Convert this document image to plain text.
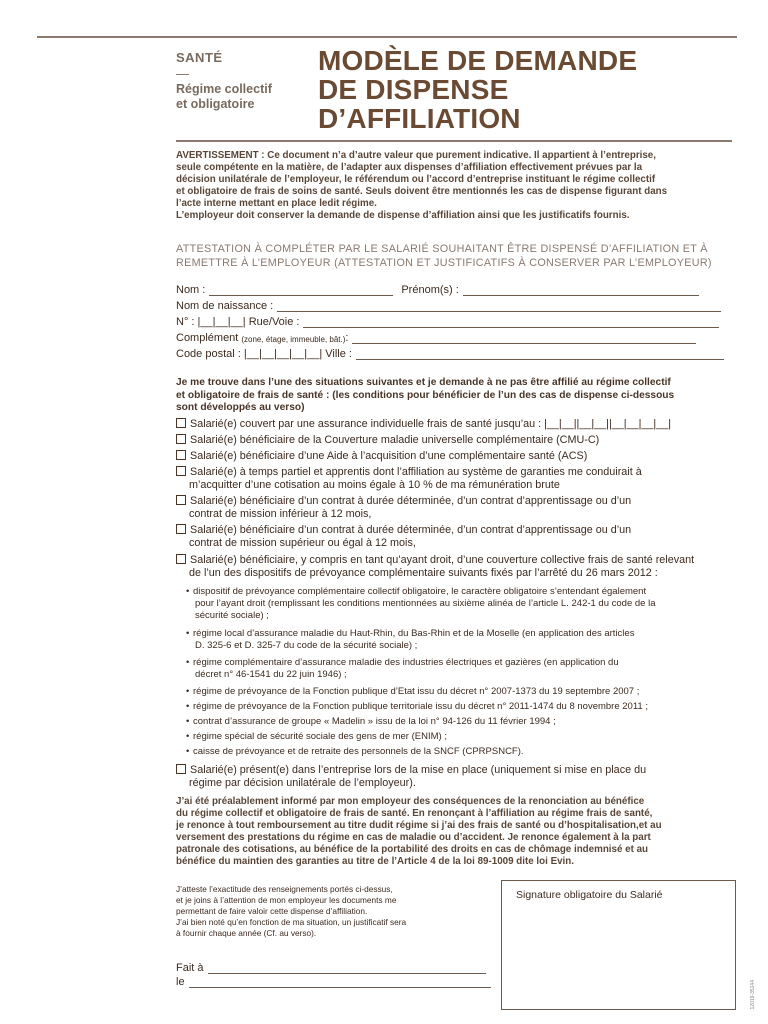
SANTÉ
—
Régime collectif
et obligatoire
MODÈLE DE DEMANDE
DE DISPENSE
D’AFFILIATION
AVERTISSEMENT : Ce document n’a d’autre valeur que purement indicative. Il appartient à l’entreprise,
seule compétente en la matière, de l’adapter aux dispenses d’affiliation effectivement prévues par la
décision unilatérale de l’employeur, le référendum ou l’accord d’entreprise instituant le régime collectif
et obligatoire de frais de soins de santé. Seuls doivent être mentionnés les cas de dispense figurant dans
l’acte interne mettant en place ledit régime.
L’employeur doit conserver la demande de dispense d’affiliation ainsi que les justificatifs fournis.
ATTESTATION À COMPLÉTER PAR LE SALARIÉ SOUHAITANT ÊTRE DISPENSÉ D’AFFILIATION ET À
REMETTRE À L’EMPLOYEUR (ATTESTATION ET JUSTIFICATIFS À CONSERVER PAR L’EMPLOYEUR)
Nom :	Prénom(s) :
Nom de naissance :
N° : |__|__|__| Rue/Voie :
Complément (zone, étage, immeuble, bât.) :
Code postal : |__|__|__|__|__| Ville :
Je me trouve dans l’une des situations suivantes et je demande à ne pas être affilié au régime collectif
et obligatoire de frais de santé : (les conditions pour bénéficier de l’un des cas de dispense ci-dessous
sont développés au verso)
Salarié(e) couvert par une assurance individuelle frais de santé jusqu’au : |__|__||__|__||__|__|__|__|
Salarié(e) bénéficiaire de la Couverture maladie universelle complémentaire (CMU-C)
Salarié(e) bénéficiaire d’une Aide à l’acquisition d’une complémentaire santé (ACS)
Salarié(e) à temps partiel et apprentis dont l’affiliation au système de garanties me conduirait à
m’acquitter d’une cotisation au moins égale à 10 % de ma rémunération brute
Salarié(e) bénéficiaire d’un contrat à durée déterminée, d’un contrat d’apprentissage ou d’un
contrat de mission inférieur à 12 mois,
Salarié(e) bénéficiaire d’un contrat à durée déterminée, d’un contrat d’apprentissage ou d’un
contrat de mission supérieur ou égal à 12 mois,
Salarié(e) bénéficiaire, y compris en tant qu’ayant droit, d’une couverture collective frais de santé relevant
de l’un des dispositifs de prévoyance complémentaire suivants fixés par l’arrêté du 26 mars 2012 :
• dispositif de prévoyance complémentaire collectif obligatoire, le caractère obligatoire s’entendant également
pour l’ayant droit (remplissant les conditions mentionnées au sixième alinéa de l’article L. 242-1 du code de la
sécurité sociale) ;
• régime local d’assurance maladie du Haut-Rhin, du Bas-Rhin et de la Moselle (en application des articles
D. 325-6 et D. 325-7 du code de la sécurité sociale) ;
• régime complémentaire d’assurance maladie des industries électriques et gazières (en application du
décret n° 46-1541 du 22 juin 1946) ;
• régime de prévoyance de la Fonction publique d’Etat issu du décret n° 2007-1373 du 19 septembre 2007 ;
• régime de prévoyance de la Fonction publique territoriale issu du décret n° 2011-1474 du 8 novembre 2011 ;
• contrat d’assurance de groupe « Madelin » issu de la loi n° 94-126 du 11 février 1994 ;
• régime spécial de sécurité sociale des gens de mer (ENIM) ;
• caisse de prévoyance et de retraite des personnels de la SNCF (CPRPSNCF).
Salarié(e) présent(e) dans l’entreprise lors de la mise en place (uniquement si mise en place du
régime par décision unilatérale de l’employeur).
J’ai été préalablement informé par mon employeur des conséquences de la renonciation au bénéfice
du régime collectif et obligatoire de frais de santé. En renonçant à l’affiliation au régime frais de santé,
je renonce à tout remboursement au titre dudit régime si j’ai des frais de santé ou d’hospitalisation,et au
versement des prestations du régime en cas de maladie ou d’accident. Je renonce également à la part
patronale des cotisations, au bénéfice de la portabilité des droits en cas de chômage indemnisé et au
bénéfice du maintien des garanties au titre de l’Article 4 de la loi 89-1009 dite loi Evin.
J’atteste l’exactitude des renseignements portés ci-dessus,
et je joins à l’attention de mon employeur les documents me
permettant de faire valoir cette dispense d’affiliation.
J’ai bien noté qu’en fonction de ma situation, un justificatif sera
à fournir chaque année (Cf. au verso).
Fait à
le
Signature obligatoire du Salarié
12019-35144
